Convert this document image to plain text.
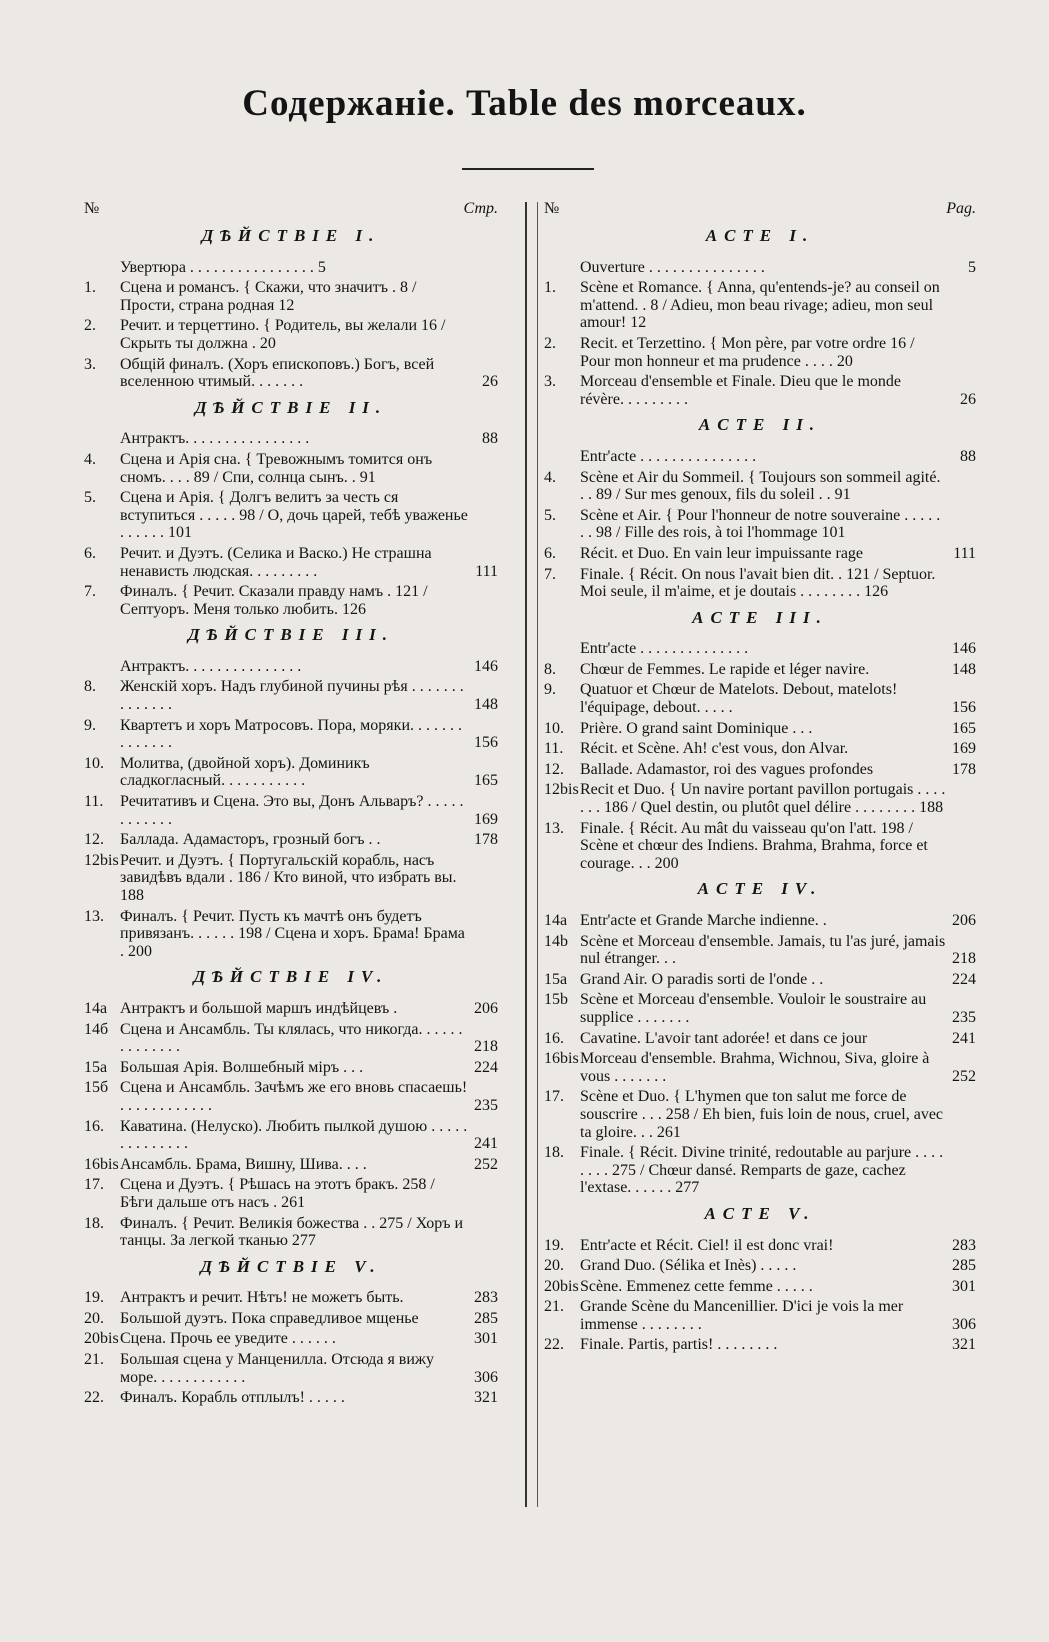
Содержаніе. Table des morceaux.
№	Стр.
ДѢЙСТВІЕ I.
Увертюра . . . . . . . . . . . . . . . . 5
1.	Сцена и романсъ. { Скажи, что значитъ . 8 / Прости, страна родная 12
2.	Речит. и терцеттино. { Родитель, вы желали 16 / Скрыть ты должна . 20
3.	Общій финалъ. (Хоръ епископовъ.) Богъ, всей вселенною чтимый. . . . . . .	26
ДѢЙСТВІЕ II.
Антрактъ. . . . . . . . . . . . . . . .	88
4.	Сцена и Арія сна. { Тревожнымъ томится онъ сномъ. . . . 89 / Спи, солнца сынъ. . 91
5.	Сцена и Арія. { Долгъ велитъ за честь ся вступиться . . . . . 98 / О, дочь царей, тебѣ уваженье . . . . . . 101
6.	Речит. и Дуэтъ. (Селика и Васко.) Не страшна ненависть людская. . . . . . . . .	111
7.	Финалъ. { Речит. Сказали правду намъ . 121 / Септуоръ. Меня только любить. 126
ДѢЙСТВІЕ III.
Антрактъ. . . . . . . . . . . . . . .	146
8.	Женскій хоръ. Надъ глубиной пучины рѣя . . . . . . . . . . . . . .	148
9.	Квартетъ и хоръ Матросовъ. Пора, моряки. . . . . . . . . . . . . .	156
10.	Молитва, (двойной хоръ). Доминикъ сладкогласный. . . . . . . . . . .	165
11.	Речитативъ и Сцена. Это вы, Донъ Альваръ? . . . . . . . . . . . .	169
12.	Баллада. Адамасторъ, грозный богъ . .	178
12bis Речит. и Дуэтъ. { Португальскій корабль, насъ завидѣвъ вдали . 186 / Кто виной, что избрать вы. 188
13.	Финалъ. { Речит. Пусть къ мачтѣ онъ будетъ привязанъ. . . . . . 198 / Сцена и хоръ. Брама! Брама . 200
ДѢЙСТВІЕ IV.
14а Антрактъ и большой маршъ индѣйцевъ .	206
14б Сцена и Ансамбль. Ты клялась, что никогда. . . . . . . . . . . . . .	218
15а Большая Арія. Волшебный міръ . . .	224
15б Сцена и Ансамбль. Зачѣмъ же его вновь спасаешь! . . . . . . . . . . . .	235
16.	Каватина. (Нелуско). Любить пылкой душою . . . . . . . . . . . . . .	241
16bis Ансамбль. Брама, Вишну, Шива. . . .	252
17.	Сцена и Дуэтъ. { Рѣшась на этотъ бракъ. 258 / Бѣги дальше отъ насъ . 261
18.	Финалъ. { Речит. Великія божества . . 275 / Хоръ и танцы. За легкой тканью 277
ДѢЙСТВІЕ V.
19.	Антрактъ и речит. Нѣтъ! не можетъ быть.	283
20.	Большой дуэтъ. Пока справедливое мщенье	285
20bis Сцена. Прочь ее уведите . . . . . .	301
21.	Большая сцена у Манценилла. Отсюда я вижу море. . . . . . . . . . . .	306
22.	Финалъ. Корабль отплылъ! . . . . .	321
№	Pag.
ACTE I.
Ouverture . . . . . . . . . . . . . . .	5
1.	Scène et Romance. { Anna, qu'entends-je? au conseil on m'attend. . 8 / Adieu, mon beau rivage; adieu, mon seul amour! 12
2.	Recit. et Terzettino. { Mon père, par votre ordre 16 / Pour mon honneur et ma prudence . . . . 20
3.	Morceau d'ensemble et Finale. Dieu que le monde révère. . . . . . . . .	26
ACTE II.
Entr'acte . . . . . . . . . . . . . . .	88
4.	Scène et Air du Sommeil. { Toujours son sommeil agité. . . 89 / Sur mes genoux, fils du soleil . . 91
5.	Scène et Air. { Pour l'honneur de notre souveraine . . . . . . . 98 / Fille des rois, à toi l'hommage 101
6.	Récit. et Duo. En vain leur impuissante rage	111
7.	Finale. { Récit. On nous l'avait bien dit. . 121 / Septuor. Moi seule, il m'aime, et je doutais . . . . . . . . 126
ACTE III.
Entr'acte . . . . . . . . . . . . . .	146
8.	Chœur de Femmes. Le rapide et léger navire.	148
9.	Quatuor et Chœur de Matelots. Debout, matelots! l'équipage, debout. . . . .	156
10.	Prière. O grand saint Dominique . . .	165
11.	Récit. et Scène. Ah! c'est vous, don Alvar.	169
12.	Ballade. Adamastor, roi des vagues profondes	178
12bis Recit et Duo. { Un navire portant pavillon portugais . . . . . . . 186 / Quel destin, ou plutôt quel délire . . . . . . . . 188
13.	Finale. { Récit. Au mât du vaisseau qu'on l'att. 198 / Scène et chœur des Indiens. Brahma, Brahma, force et courage. . . 200
ACTE IV.
14а Entr'acte et Grande Marche indienne. .	206
14b Scène et Morceau d'ensemble. Jamais, tu l'as juré, jamais nul étranger. . .	218
15а Grand Air. O paradis sorti de l'onde . .	224
15b Scène et Morceau d'ensemble. Vouloir le soustraire au supplice . . . . . . .	235
16.	Cavatine. L'avoir tant adorée! et dans ce jour	241
16bis Morceau d'ensemble. Brahma, Wichnou, Siva, gloire à vous . . . . . . .	252
17.	Scène et Duo. { L'hymen que ton salut me force de souscrire . . . 258 / Eh bien, fuis loin de nous, cruel, avec ta gloire. . . 261
18.	Finale. { Récit. Divine trinité, redoutable au parjure . . . . . . . . 275 / Chœur dansé. Remparts de gaze, cachez l'extase. . . . . . 277
ACTE V.
19.	Entr'acte et Récit. Ciel! il est donc vrai!	283
20.	Grand Duo. (Sélika et Inès) . . . . .	285
20bis Scène. Emmenez cette femme . . . . .	301
21.	Grande Scène du Mancenillier. D'ici je vois la mer immense . . . . . . . .	306
22.	Finale. Partis, partis! . . . . . . . .	321
